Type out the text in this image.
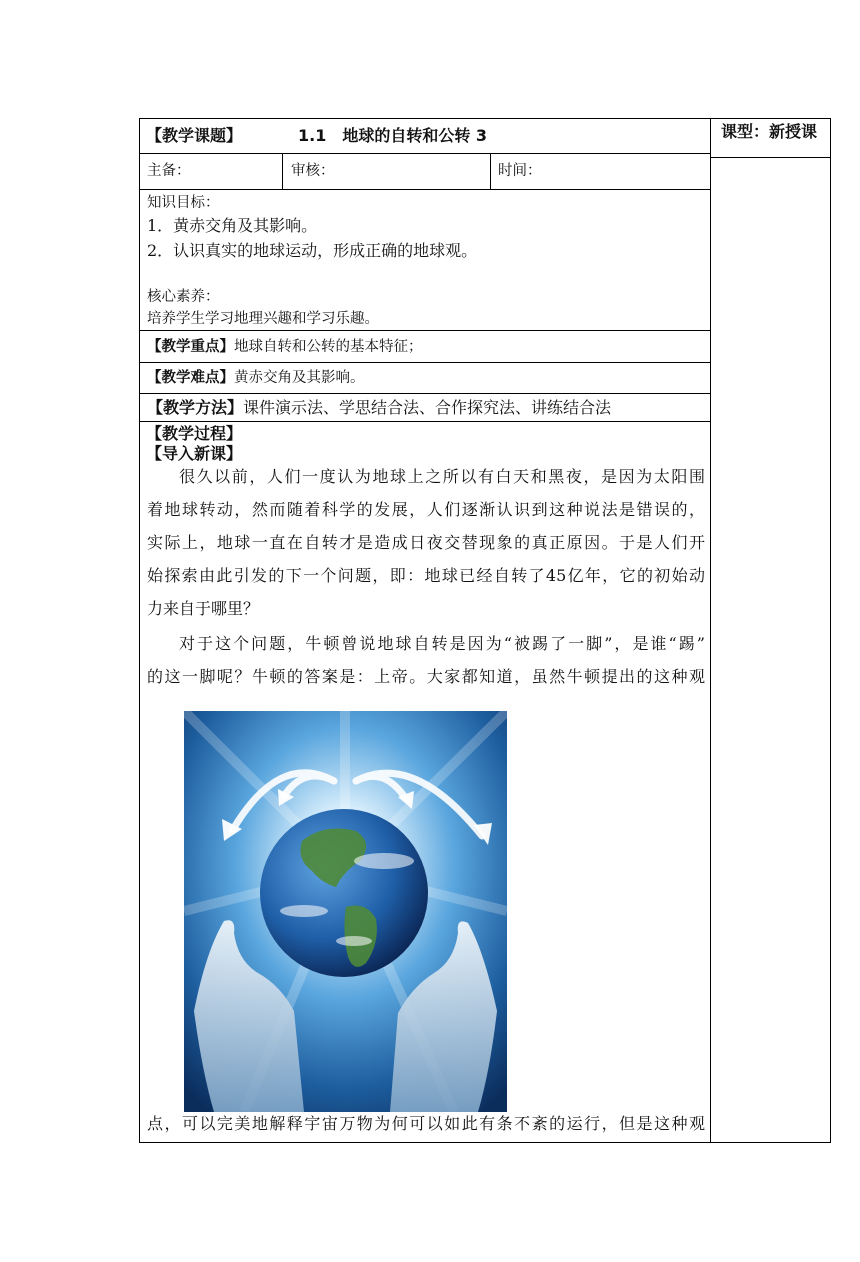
【教学课题】	1.1　地球的自转和公转 3	课型：新授课
主备：	审核：	时间：
知识目标：
1．黄赤交角及其影响。
2．认识真实的地球运动，形成正确的地球观。
核心素养：
培养学生学习地理兴趣和学习乐趣。
【教学重点】地球自转和公转的基本特征；
【教学难点】黄赤交角及其影响。
【教学方法】课件演示法、学思结合法、合作探究法、讲练结合法
【教学过程】
【导入新课】
很久以前，人们一度认为地球上之所以有白天和黑夜，是因为太阳围
着地球转动，然而随着科学的发展，人们逐渐认识到这种说法是错误的，
实际上，地球一直在自转才是造成日夜交替现象的真正原因。于是人们开
始探索由此引发的下一个问题，即：地球已经自转了45亿年，它的初始动
力来自于哪里？
对于这个问题，牛顿曾说地球自转是因为“被踢了一脚”，是谁“踢”
的这一脚呢？牛顿的答案是：上帝。大家都知道，虽然牛顿提出的这种观
点，可以完美地解释宇宙万物为何可以如此有条不紊的运行，但是这种观
